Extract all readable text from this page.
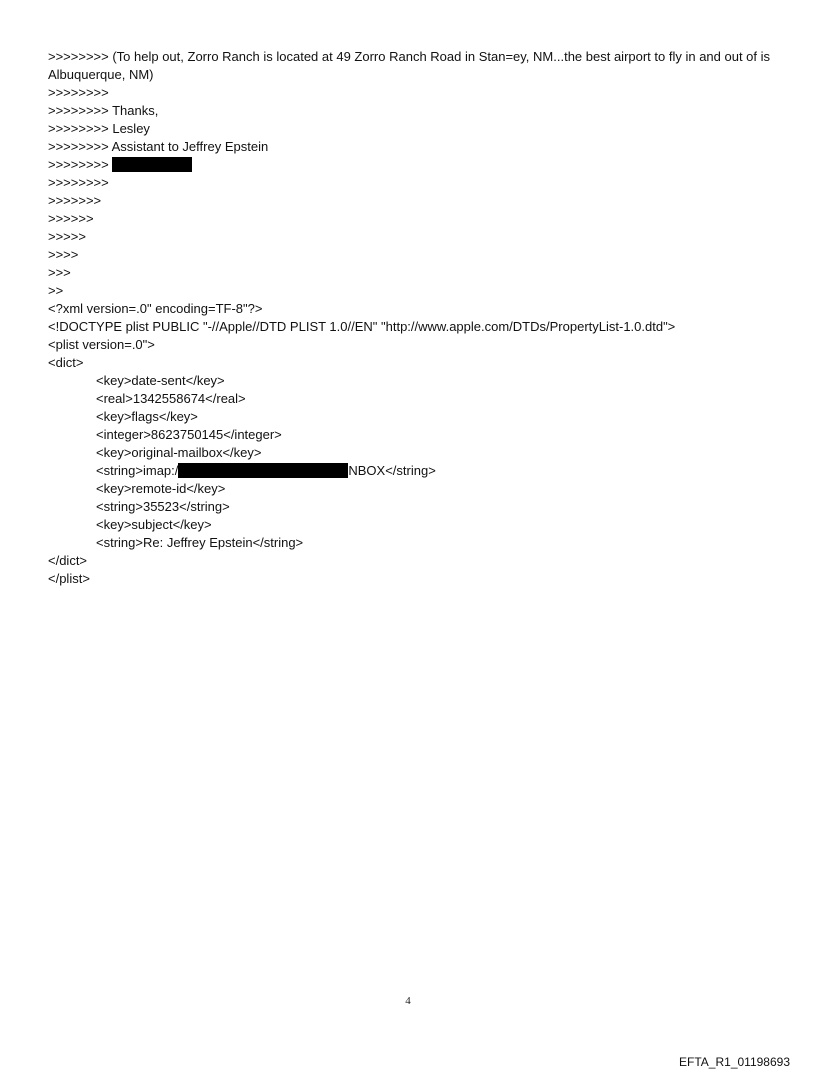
>>>>>>>> (To help out, Zorro Ranch is located at 49 Zorro Ranch Road in Stan=ey, NM...the best airport to fly in and out of is Albuquerque, NM)
>>>>>>>>
>>>>>>>> Thanks,
>>>>>>>> Lesley
>>>>>>>> Assistant to Jeffrey Epstein
>>>>>>>>
>>>>>>>>
>>>>>>>
>>>>>>
>>>>>
>>>>
>>>
>>
<?xml version=.0" encoding=TF-8"?>
<!DOCTYPE plist PUBLIC "-//Apple//DTD PLIST 1.0//EN" "http://www.apple.com/DTDs/PropertyList-1.0.dtd">
<plist version=.0">
<dict>
<key>date-sent</key>
<real>1342558674</real>
<key>flags</key>
<integer>8623750145</integer>
<key>original-mailbox</key>
<string>imap:/	NBOX</string>
<key>remote-id</key>
<string>35523</string>
<key>subject</key>
<string>Re: Jeffrey Epstein</string>
</dict>
</plist>
4
EFTA_R1_01198693
